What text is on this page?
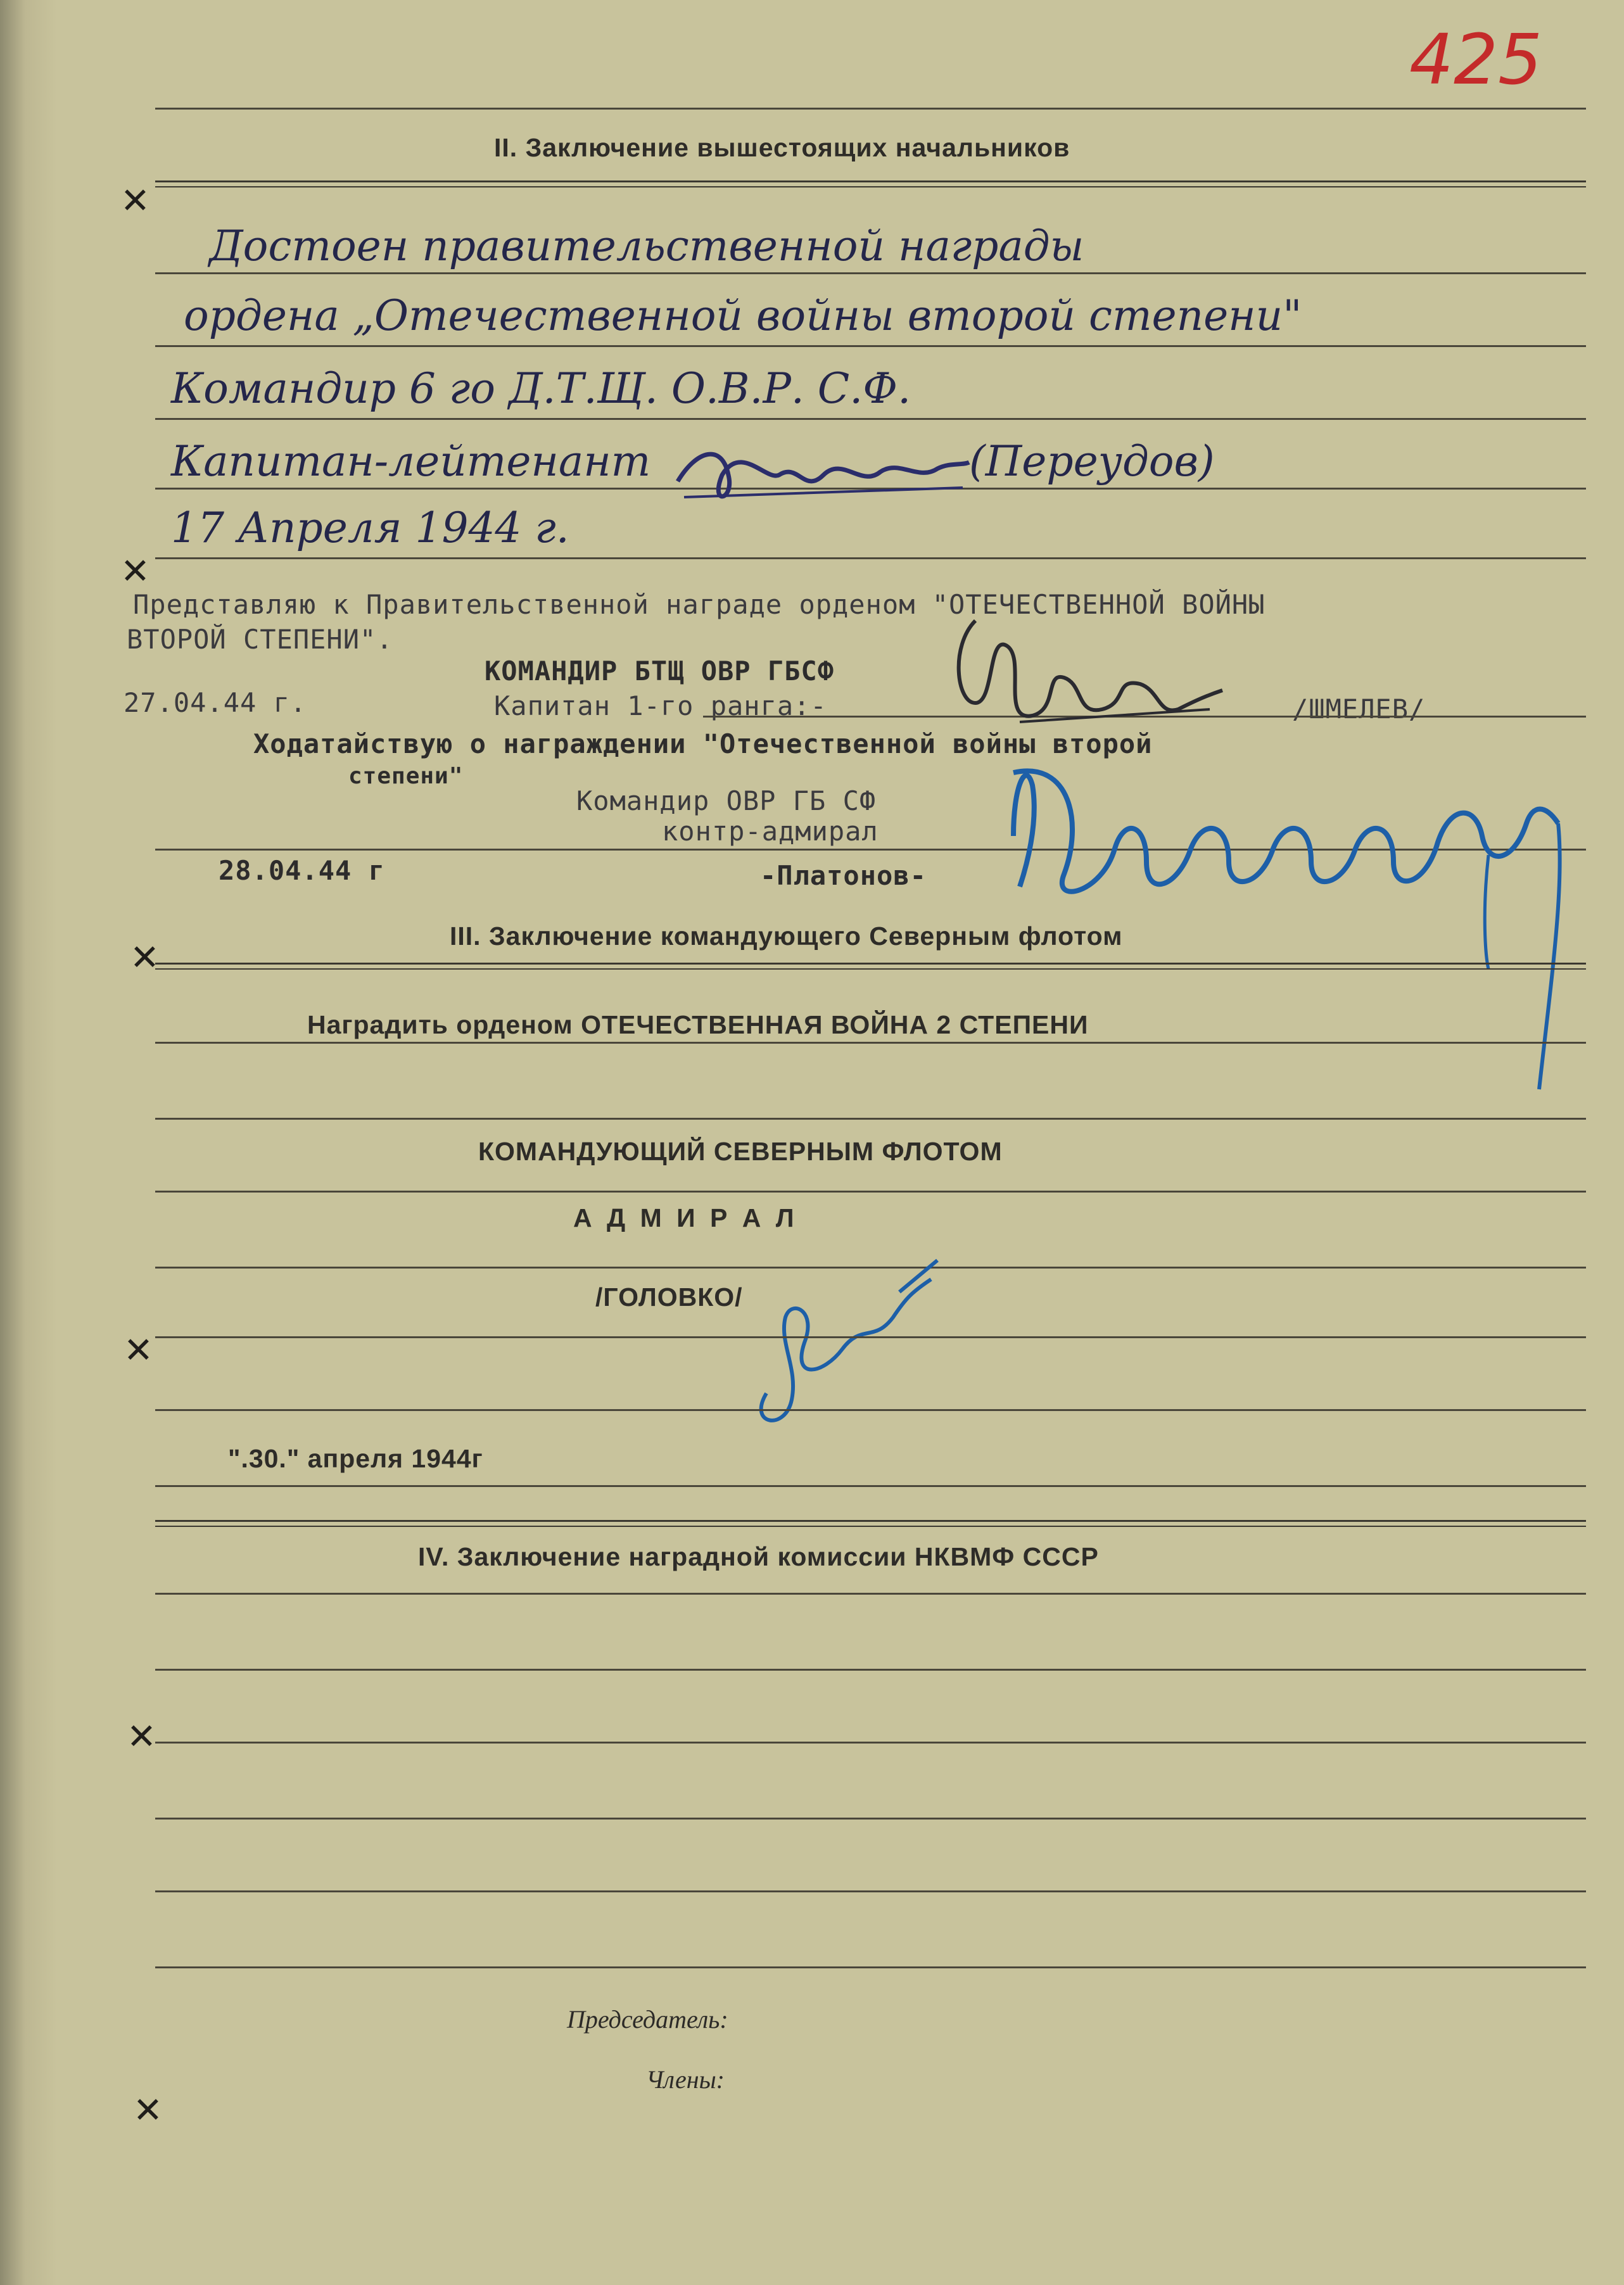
425
II. Заключение вышестоящих начальников
Достоен правительственной награды
ордена „Отечественной войны второй степени"
Командир 6 го Д.Т.Щ. О.В.Р. С.Ф.
Капитан-лейтенант	(Переудов)
17 Апреля 1944 г.
Представляю к Правительственной награде орденом "ОТЕЧЕСТВЕННОЙ ВОЙНЫ
ВТОРОЙ СТЕПЕНИ".
КОМАНДИР БТЩ ОВР ГБСФ
27.04.44 г.	Капитан 1-го ранга:-	/ШМЕЛЕВ/
Ходатайствую о награждении "Отечественной войны второй
степени"
Командир ОВР ГБ СФ
контр-адмирал
28.04.44 г	-Платонов-
III. Заключение командующего Северным флотом
Наградить орденом ОТЕЧЕСТВЕННАЯ ВОЙНА 2 СТЕПЕНИ
КОМАНДУЮЩИЙ СЕВЕРНЫМ ФЛОТОМ
А Д М И Р А Л
/ГОЛОВКО/
".30." апреля 1944г
IV. Заключение наградной комиссии НКВМФ СССР
Председатель:
Члены:
✕
✕
✕
✕
✕
✕
